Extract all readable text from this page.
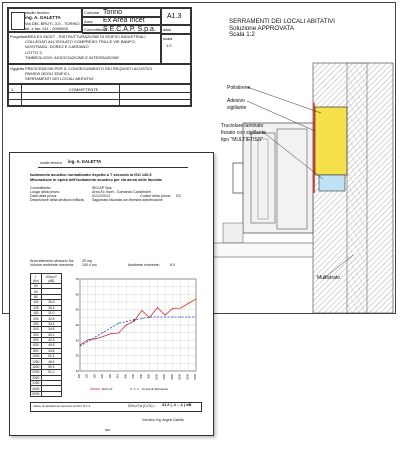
studio tecnico
ing. A. GALETTA
Via DEL BRUTI, 3-5 - TORINO
tel. e fax. 011 - 0000000
Comune Torino
Area Ex Area Incet
Committente
S.E.C.A.P. S.p.a.
A1.3
data
Progetto AREA EX INCET - RISTRUTTURAZIONE DI EDIFICI INDUSTRIALI COLLEGATI ALL'ISOLATO COMPRESO TRA LE VIE BANFO, NOSTRADU, DOREZ E CARDANO
LOTTO 3
TIMBROLOGO: ASSOCIAZIONE E INTEGRAZIONE
scala
1:2
Oggetto PRESCRIZIONI PER IL CONSEGUIMENTO DEI REQUISITI ACUSTICI PASSIVI DEGLI EDIFICI.
SERRAMENTI DEI LOCALI ABITATIVI
1.	COMMITTENTE
SERRAMENTI DEI LOCALI ABITATIVI
Soluzione APPROVATA
Scala 1:2
Polistirene
Adesivo
sigillante
Truciolare laminato
fissato con sigillante
tipo "MULTIETISS"
Multistrato
studio tecnico ing. A. GALETTA
Isolamento acustico normalizzato rispetto a T secondo la ISO 140-5
Misurazione in opera dell'isolamento acustico per via aerea delle facciate
Committente:	SECAP Spa
Luogo della prova:	Area Ex Incet - Comando Carabinieri
Data della prova:	01/12/2013	Codice della prova: D3
Descrizione della struttura edilizia: Sagomato facciata con finestra antintrusione
Area elemento divisorio Sa: 20 mq
Volume ambiente ricevente: 100.4 mc	Ambiente ricevente:	6.0
f (Hz)	D2m,nT (dB)
50	
63	
80	
100	26.9
125	30.4
160	31.0
200	32.5
250	34.4
315	34.8
400	40.1
500	42.5
630	49.5
800	44.8
1000	51.4
1250	46.4
1600	50.9
2000	51.0
2500	
3150	
4000	
5000	
100	125	160	200	250	315	400	500	630	800	1000	1250	1600	2000	2500	3150
10
20
30
40
50
60
70
D2m,nT	Curva di riferimento
Indice di valutazione secondo la ISO 717-1:	D2m,nT,w (C;Ctr) = 41.2 ( -1 ; -1 ) dB
Il tecnico: Ing. Angelo Galetta
###
